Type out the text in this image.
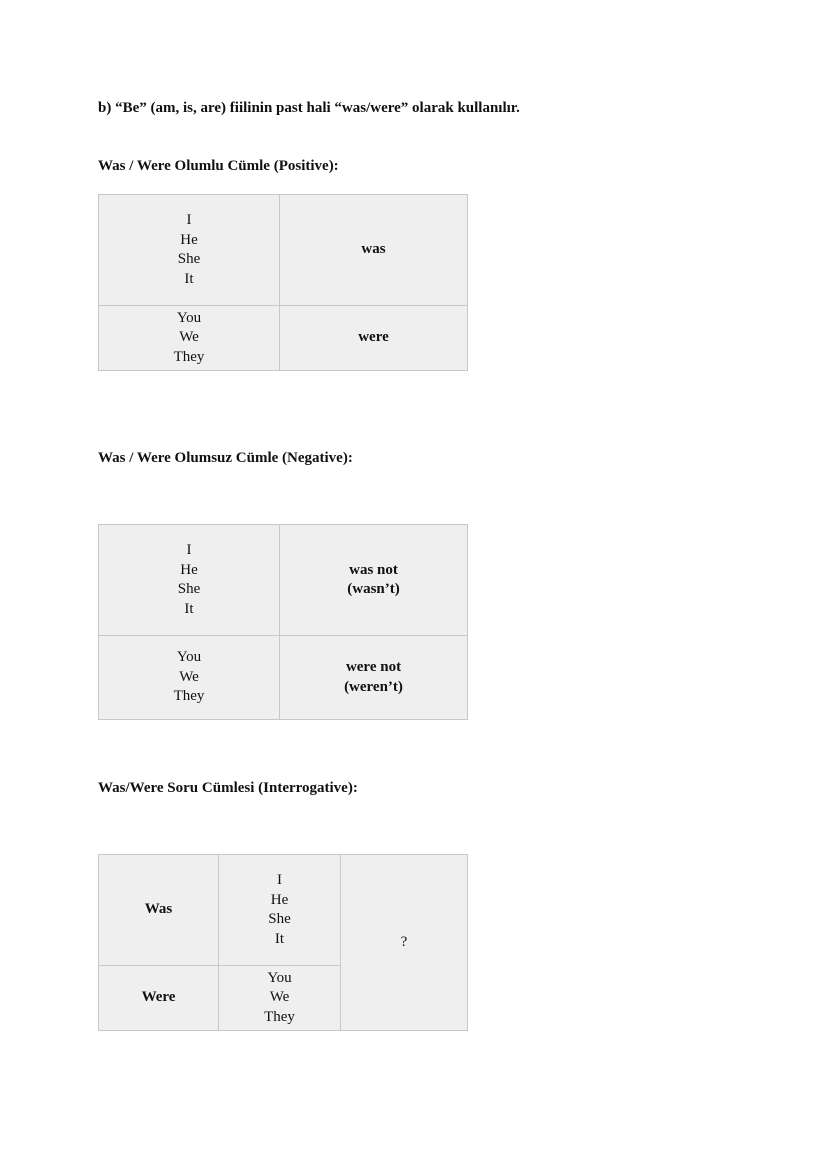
b) “Be” (am, is, are) fiilinin past hali “was/were” olarak kullanılır.
Was / Were Olumlu Cümle (Positive):
I
He
She
It	was

You
We
They	were
Was / Were Olumsuz Cümle (Negative):
I
He
She
It	was not
(wasn’t)

You
We
They	were not
(weren’t)
Was/Were Soru Cümlesi (Interrogative):
Was	I
He
She
It	?
Were	You
We
They	
